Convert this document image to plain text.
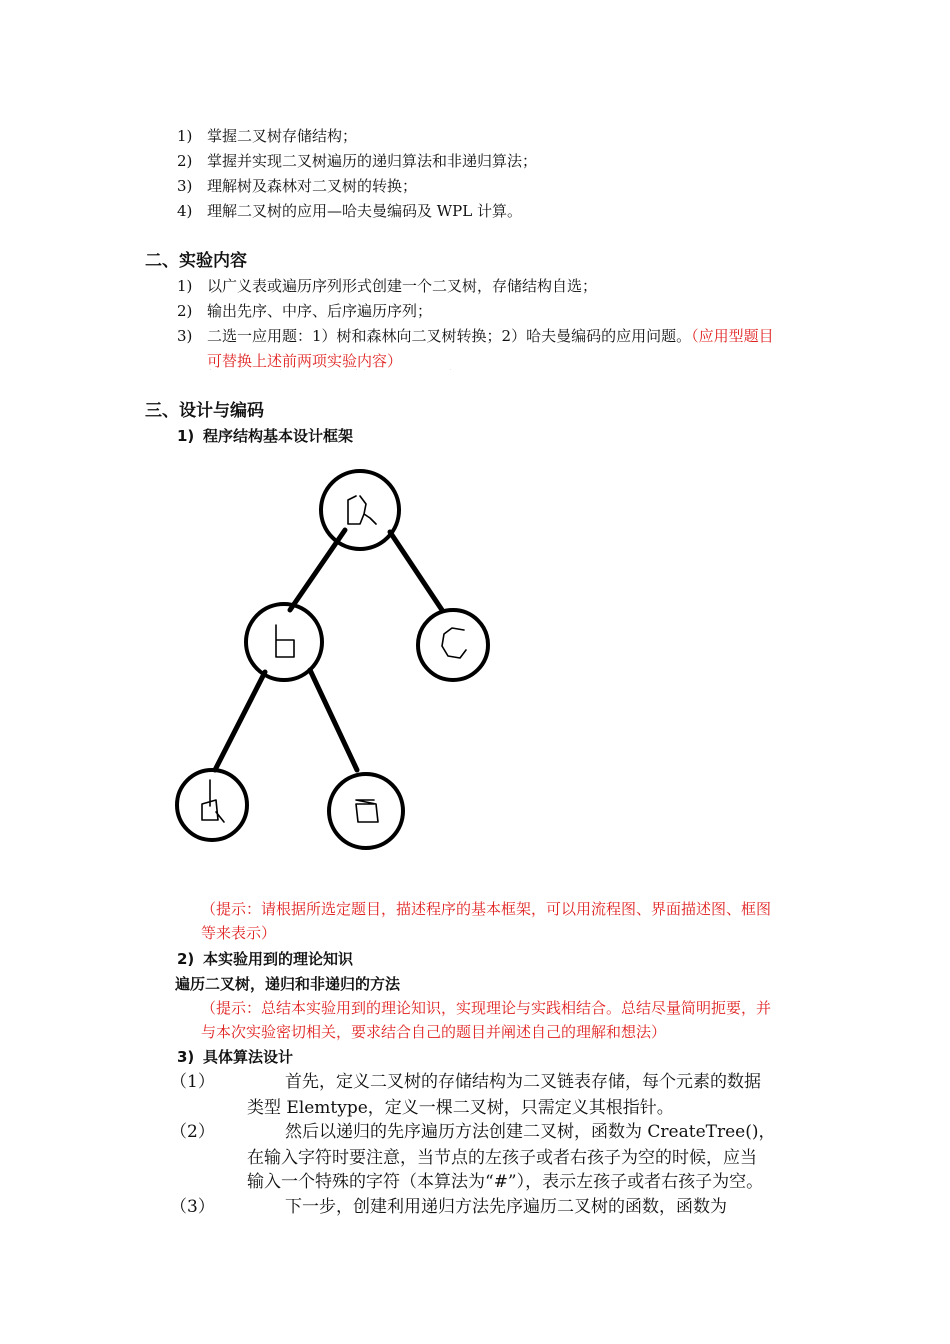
1) 掌握二叉树存储结构；
2) 掌握并实现二叉树遍历的递归算法和非递归算法；
3) 理解树及森林对二叉树的转换；
4) 理解二叉树的应用—哈夫曼编码及 WPL 计算。
二、实验内容
1) 以广义表或遍历序列形式创建一个二叉树，存储结构自选；
2) 输出先序、中序、后序遍历序列；
3) 二选一应用题：1）树和森林向二叉树转换；2）哈夫曼编码的应用问题。（应用型题目
可替换上述前两项实验内容）
三、设计与编码
1) 程序结构基本设计框架
a
b	c
d	e
（提示：请根据所选定题目，描述程序的基本框架，可以用流程图、界面描述图、框图
等来表示）
2) 本实验用到的理论知识
遍历二叉树，递归和非递归的方法
（提示：总结本实验用到的理论知识，实现理论与实践相结合。总结尽量简明扼要，并
与本次实验密切相关，要求结合自己的题目并阐述自己的理解和想法）
3) 具体算法设计
（1）	首先，定义二叉树的存储结构为二叉链表存储，每个元素的数据
类型 Elemtype，定义一棵二叉树，只需定义其根指针。
（2）	然后以递归的先序遍历方法创建二叉树，函数为 CreateTree()，
在输入字符时要注意，当节点的左孩子或者右孩子为空的时候，应当
输入一个特殊的字符（本算法为“#”），表示左孩子或者右孩子为空。
（3）	下一步，创建利用递归方法先序遍历二叉树的函数，函数为
